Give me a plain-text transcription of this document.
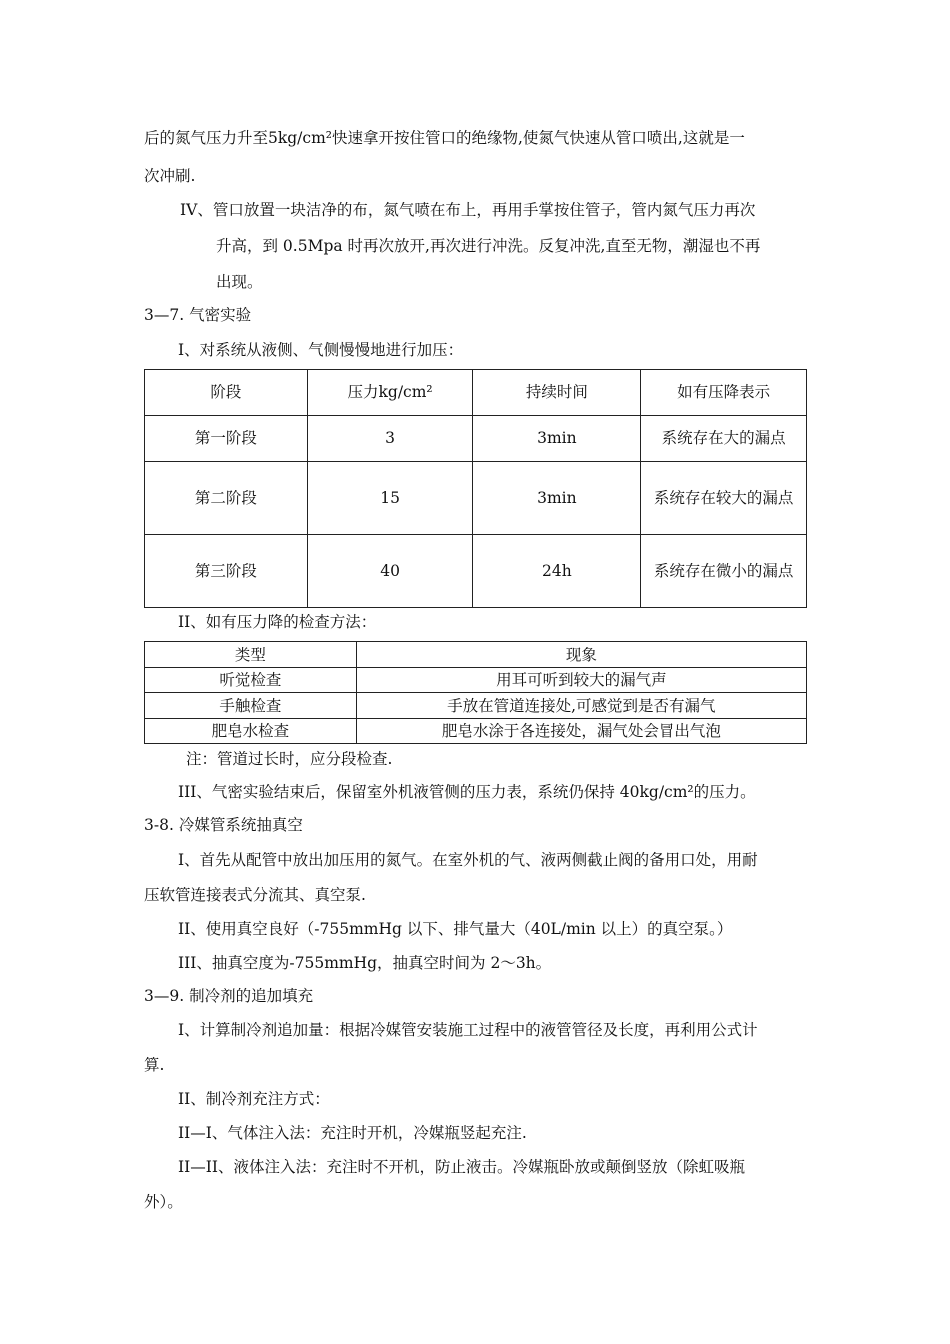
后的氮气压力升至5kg/cm²快速拿开按住管口的绝缘物,使氮气快速从管口喷出,这就是一
次冲刷.
IV、管口放置一块洁净的布，氮气喷在布上，再用手掌按住管子，管内氮气压力再次
升高，到 0.5Mpa 时再次放开,再次进行冲洗。反复冲洗,直至无物，潮湿也不再
出现。
3—7. 气密实验
I、对系统从液侧、气侧慢慢地进行加压：
阶段	压力kg/cm²	持续时间	如有压降表示
第一阶段	3	3min	系统存在大的漏点
第二阶段	15	3min	系统存在较大的漏点
第三阶段	40	24h	系统存在微小的漏点
II、如有压力降的检查方法：
类型	现象
听觉检查	用耳可听到较大的漏气声
手触检查	手放在管道连接处,可感觉到是否有漏气
肥皂水检查	肥皂水涂于各连接处，漏气处会冒出气泡
注：管道过长时，应分段检查.
III、气密实验结束后，保留室外机液管侧的压力表，系统仍保持 40kg/cm²的压力。
3-8. 冷媒管系统抽真空
I、首先从配管中放出加压用的氮气。在室外机的气、液两侧截止阀的备用口处，用耐
压软管连接表式分流其、真空泵.
II、使用真空良好（-755mmHg 以下、排气量大（40L/min 以上）的真空泵。）
III、抽真空度为-755mmHg，抽真空时间为 2～3h。
3—9. 制冷剂的追加填充
I、计算制冷剂追加量：根据冷媒管安装施工过程中的液管管径及长度，再利用公式计
算.
II、制冷剂充注方式：
II—I、气体注入法：充注时开机，冷媒瓶竖起充注.
II—II、液体注入法：充注时不开机，防止液击。冷媒瓶卧放或颠倒竖放（除虹吸瓶
外）。
